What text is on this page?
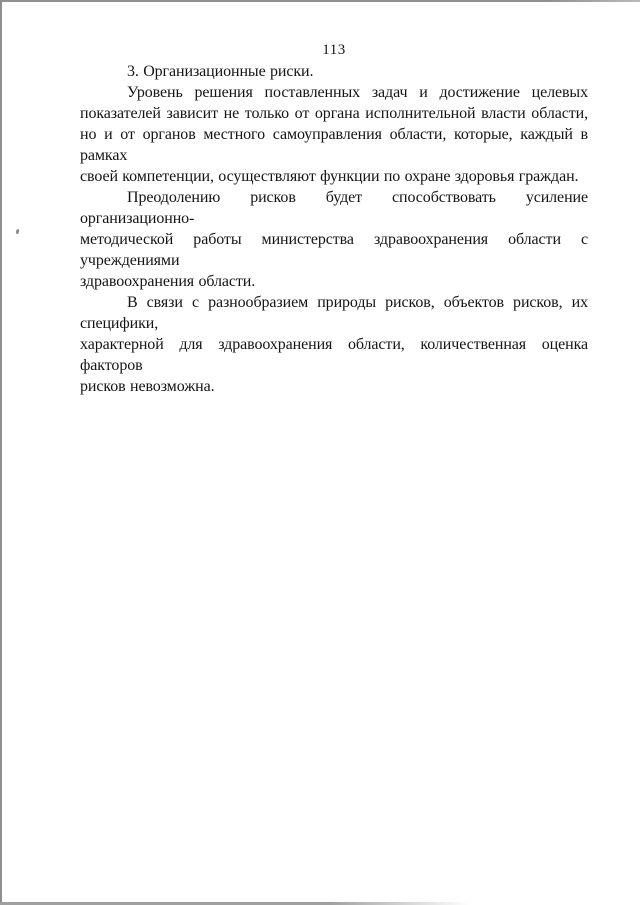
113
3. Организационные риски.
Уровень решения поставленных задач и достижение целевых
показателей зависит не только от органа исполнительной власти области,
но и от органов местного самоуправления области, которые, каждый в рамках
своей компетенции, осуществляют функции по охране здоровья граждан.
Преодолению рисков будет способствовать усиление организационно-
методической работы министерства здравоохранения области с учреждениями
здравоохранения области.
В связи с разнообразием природы рисков, объектов рисков, их специфики,
характерной для здравоохранения области, количественная оценка факторов
рисков невозможна.
